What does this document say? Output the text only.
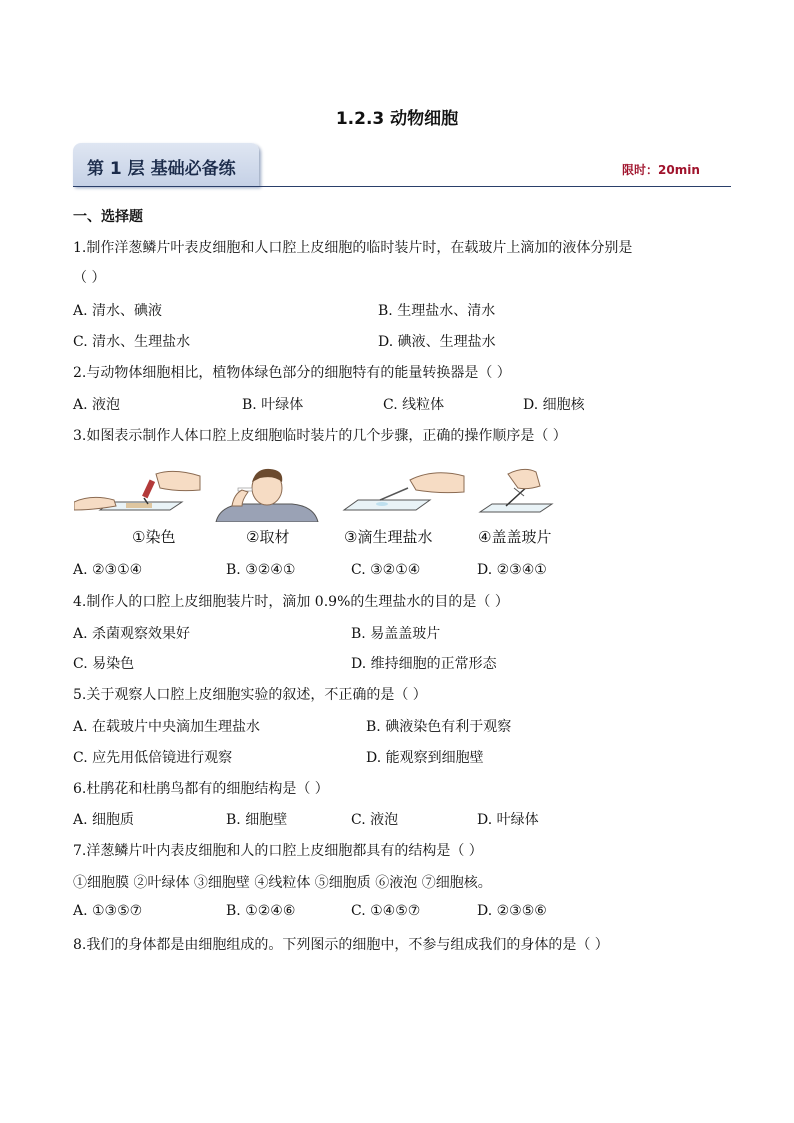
1.2.3 动物细胞
第 1 层 基础必备练	限时：20min
一、选择题
1.制作洋葱鳞片叶表皮细胞和人口腔上皮细胞的临时装片时，在载玻片上滴加的液体分别是
（ ）
A. 清水、碘液	B. 生理盐水、清水
C. 清水、生理盐水	D. 碘液、生理盐水
2.与动物体细胞相比，植物体绿色部分的细胞特有的能量转换器是（ ）
A. 液泡	B. 叶绿体	C. 线粒体	D. 细胞核
3.如图表示制作人体口腔上皮细胞临时装片的几个步骤，正确的操作顺序是（ ）
①染色	②取材	③滴生理盐水	④盖盖玻片
A. ②③①④	B. ③②④①	C. ③②①④	D. ②③④①
4.制作人的口腔上皮细胞装片时，滴加 0.9%的生理盐水的目的是（ ）
A. 杀菌观察效果好	B. 易盖盖玻片
C. 易染色	D. 维持细胞的正常形态
5.关于观察人口腔上皮细胞实验的叙述，不正确的是（ ）
A. 在载玻片中央滴加生理盐水	B. 碘液染色有利于观察
C. 应先用低倍镜进行观察	D. 能观察到细胞壁
6.杜鹃花和杜鹃鸟都有的细胞结构是（ ）
A. 细胞质	B. 细胞壁	C. 液泡	D. 叶绿体
7.洋葱鳞片叶内表皮细胞和人的口腔上皮细胞都具有的结构是（ ）
①细胞膜 ②叶绿体 ③细胞壁 ④线粒体 ⑤细胞质 ⑥液泡 ⑦细胞核。
A. ①③⑤⑦	B. ①②④⑥	C. ①④⑤⑦	D. ②③⑤⑥
8.我们的身体都是由细胞组成的。下列图示的细胞中，不参与组成我们的身体的是（ ）
